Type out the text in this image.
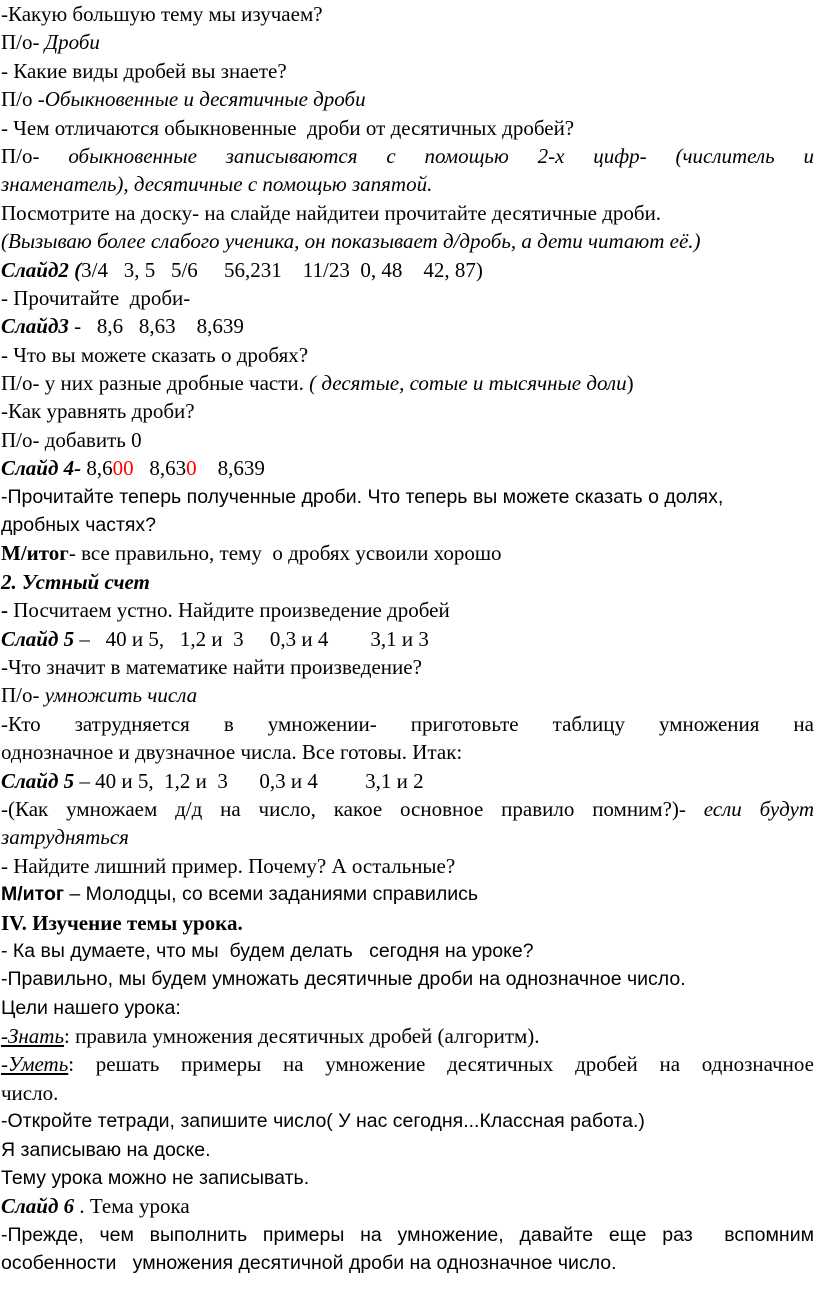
-Какую большую тему мы изучаем?
П/о- Дроби
- Какие виды дробей вы знаете?
П/о -Обыкновенные и десятичные дроби
- Чем отличаются обыкновенные  дроби от десятичных дробей?
П/о- обыкновенные записываются с помощью 2-х цифр- (числитель и
знаменатель), десятичные с помощью запятой.
Посмотрите на доску- на слайде найдитеи прочитайте десятичные дроби.
(Вызываю более слабого ученика, он показывает д/дробь, а дети читают её.)
Слайд2 (3/4   3, 5   5/6     56,231    11/23  0, 48    42, 87)
- Прочитайте  дроби-
Слайд3 -   8,6   8,63    8,639
- Что вы можете сказать о дробях?
П/о- у них разные дробные части. ( десятые, сотые и тысячные доли)
-Как уравнять дроби?
П/о- добавить 0
Слайд 4- 8,600   8,630    8,639
-Прочитайте теперь полученные дроби. Что теперь вы можете сказать о долях,
дробных частях?
М/итог- все правильно, тему  о дробях усвоили хорошо
2. Устный счет
- Посчитаем устно. Найдите произведение дробей
Слайд 5 –   40 и 5,   1,2 и  3     0,3 и 4        3,1 и 3
-Что значит в математике найти произведение?
П/о- умножить числа
-Кто затрудняется в умножении- приготовьте таблицу умножения на
однозначное и двузначное числа. Все готовы. Итак:
Слайд 5 – 40 и 5,  1,2 и  3      0,3 и 4         3,1 и 2
-(Как умножаем д/д на число, какое основное правило помним?)- если будут
затрудняться
- Найдите лишний пример. Почему? А остальные?
М/итог – Молодцы, со всеми заданиями справились
IV. Изучение темы урока.
- Ка вы думаете, что мы  будем делать   сегодня на уроке?
-Правильно, мы будем умножать десятичные дроби на однозначное число.
Цели нашего урока:
-Знать: правила умножения десятичных дробей (алгоритм).
-Уметь: решать примеры на умножение десятичных дробей на однозначное
число.
-Откройте тетради, запишите число( У нас сегодня...Классная работа.)
Я записываю на доске.
Тему урока можно не записывать.
Слайд 6 . Тема урока
-Прежде, чем выполнить примеры на умножение, давайте еще раз  вспомним
особенности   умножения десятичной дроби на однозначное число.
